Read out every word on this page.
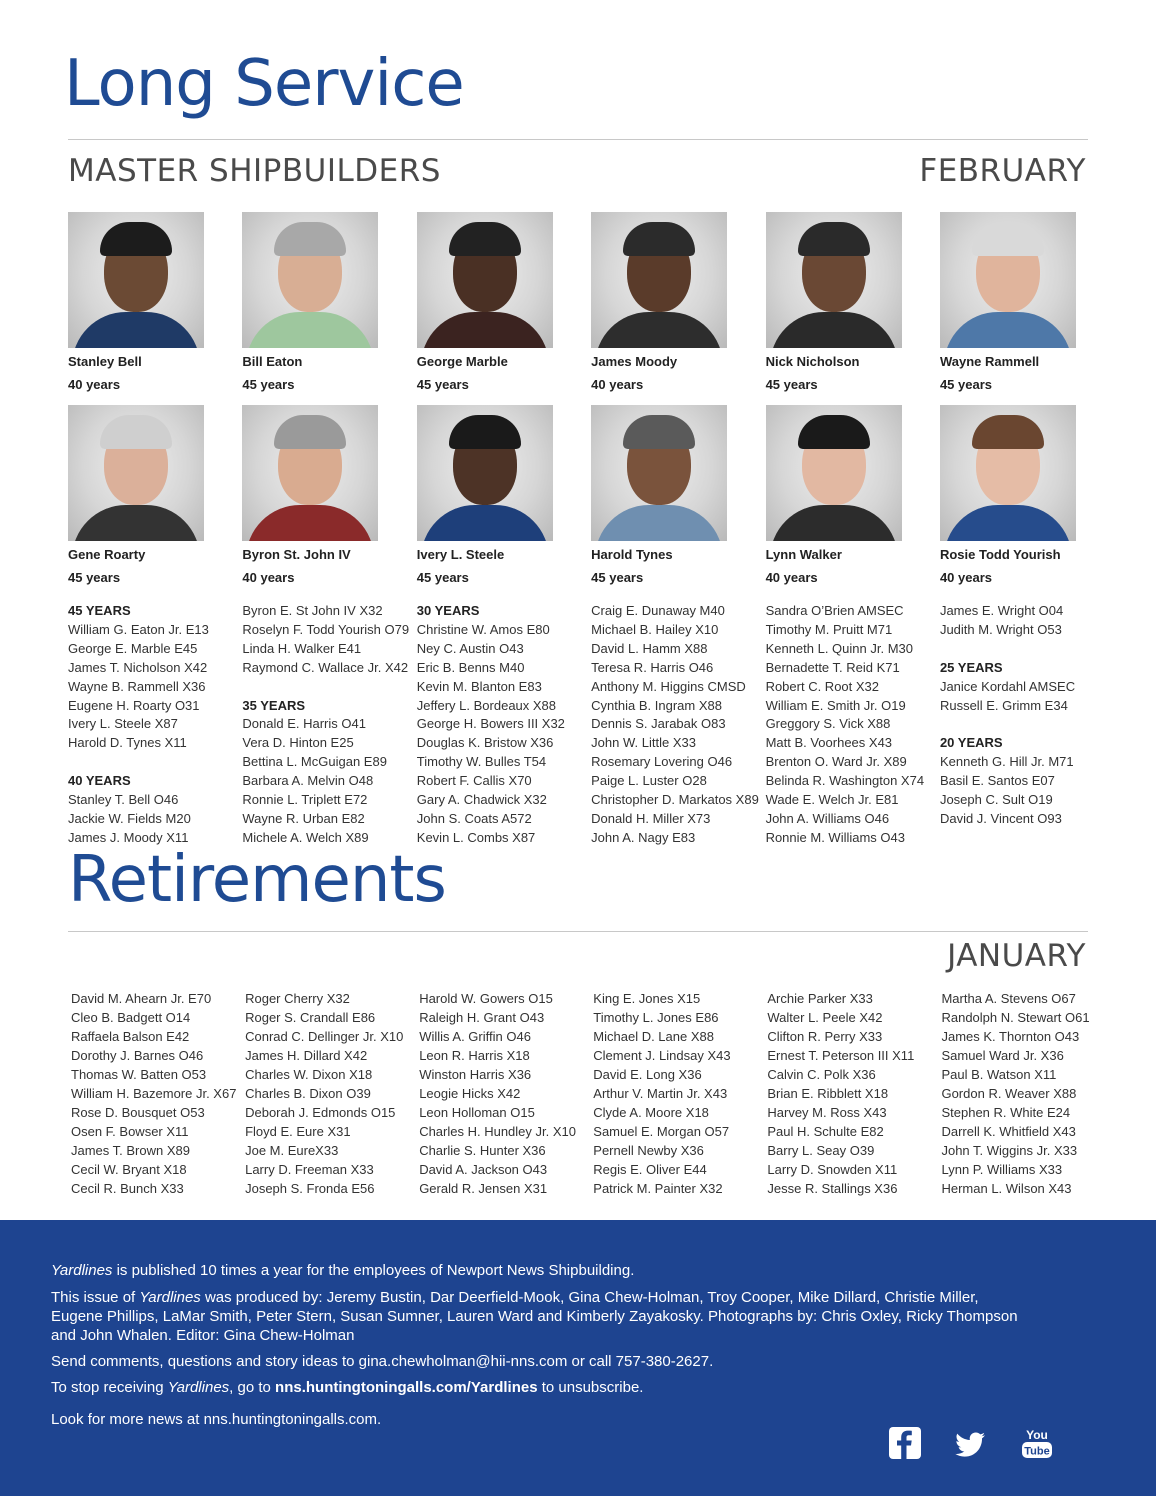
Long Service
MASTER SHIPBUILDERS	FEBRUARY
Stanley Bell
40 years
Bill Eaton
45 years
George Marble
45 years
James Moody
40 years
Nick Nicholson
45 years
Wayne Rammell
45 years
Gene Roarty
45 years
Byron St. John IV
40 years
Ivery L. Steele
45 years
Harold Tynes
45 years
Lynn Walker
40 years
Rosie Todd Yourish
40 years
45 YEARS
William G. Eaton Jr. E13
George E. Marble E45
James T. Nicholson X42
Wayne B. Rammell X36
Eugene H. Roarty O31
Ivery L. Steele X87
Harold D. Tynes X11
40 YEARS
Stanley T. Bell O46
Jackie W. Fields M20
James J. Moody X11
Byron E. St John IV X32
Roselyn F. Todd Yourish O79
Linda H. Walker E41
Raymond C. Wallace Jr. X42
35 YEARS
Donald E. Harris O41
Vera D. Hinton E25
Bettina L. McGuigan E89
Barbara A. Melvin O48
Ronnie L. Triplett E72
Wayne R. Urban E82
Michele A. Welch X89
30 YEARS
Christine W. Amos E80
Ney C. Austin O43
Eric B. Benns M40
Kevin M. Blanton E83
Jeffery L. Bordeaux X88
George H. Bowers III X32
Douglas K. Bristow X36
Timothy W. Bulles T54
Robert F. Callis X70
Gary A. Chadwick X32
John S. Coats A572
Kevin L. Combs X87
Craig E. Dunaway M40
Michael B. Hailey X10
David L. Hamm X88
Teresa R. Harris O46
Anthony M. Higgins CMSD
Cynthia B. Ingram X88
Dennis S. Jarabak O83
John W. Little X33
Rosemary Lovering O46
Paige L. Luster O28
Christopher D. Markatos X89
Donald H. Miller X73
John A. Nagy E83
Sandra O’Brien AMSEC
Timothy M. Pruitt M71
Kenneth L. Quinn Jr. M30
Bernadette T. Reid K71
Robert C. Root X32
William E. Smith Jr. O19
Greggory S. Vick X88
Matt B. Voorhees X43
Brenton O. Ward Jr. X89
Belinda R. Washington X74
Wade E. Welch Jr. E81
John A. Williams O46
Ronnie M. Williams O43
James E. Wright O04
Judith M. Wright O53
25 YEARS
Janice Kordahl AMSEC
Russell E. Grimm E34
20 YEARS
Kenneth G. Hill Jr. M71
Basil E. Santos E07
Joseph C. Sult O19
David J. Vincent O93
Retirements
JANUARY
David M. Ahearn Jr. E70
Cleo B. Badgett O14
Raffaela Balson E42
Dorothy J. Barnes O46
Thomas W. Batten O53
William H. Bazemore Jr. X67
Rose D. Bousquet O53
Osen F. Bowser X11
James T. Brown X89
Cecil W. Bryant X18
Cecil R. Bunch X33
Roger Cherry X32
Roger S. Crandall E86
Conrad C. Dellinger Jr. X10
James H. Dillard X42
Charles W. Dixon X18
Charles B. Dixon O39
Deborah J. Edmonds O15
Floyd E. Eure X31
Joe M. EureX33
Larry D. Freeman X33
Joseph S. Fronda E56
Harold W. Gowers O15
Raleigh H. Grant O43
Willis A. Griffin O46
Leon R. Harris X18
Winston Harris X36
Leogie Hicks X42
Leon Holloman O15
Charles H. Hundley Jr. X10
Charlie S. Hunter X36
David A. Jackson O43
Gerald R. Jensen X31
King E. Jones X15
Timothy L. Jones E86
Michael D. Lane X88
Clement J. Lindsay X43
David E. Long X36
Arthur V. Martin Jr. X43
Clyde A. Moore X18
Samuel E. Morgan O57
Pernell Newby X36
Regis E. Oliver E44
Patrick M. Painter X32
Archie Parker X33
Walter L. Peele X42
Clifton R. Perry X33
Ernest T. Peterson III X11
Calvin C. Polk X36
Brian E. Ribblett X18
Harvey M. Ross X43
Paul H. Schulte E82
Barry L. Seay O39
Larry D. Snowden X11
Jesse R. Stallings X36
Martha A. Stevens O67
Randolph N. Stewart O61
James K. Thornton O43
Samuel Ward Jr. X36
Paul B. Watson X11
Gordon R. Weaver X88
Stephen R. White E24
Darrell K. Whitfield X43
John T. Wiggins Jr. X33
Lynn P. Williams X33
Herman L. Wilson X43

Yardlines is published 10 times a year for the employees of Newport News Shipbuilding.

This issue of Yardlines was produced by: Jeremy Bustin, Dar Deerfield-Mook, Gina Chew-Holman, Troy Cooper, Mike Dillard, Christie Miller, Eugene Phillips, LaMar Smith, Peter Stern, Susan Sumner, Lauren Ward and Kimberly Zayakosky. Photographs by: Chris Oxley, Ricky Thompson and John Whalen. Editor: Gina Chew-Holman

Send comments, questions and story ideas to gina.chewholman@hii-nns.com or call 757-380-2627.

To stop receiving Yardlines, go to nns.huntingtoningalls.com/Yardlines to unsubscribe.

Look for more news at nns.huntingtoningalls.com.

You
Tube
